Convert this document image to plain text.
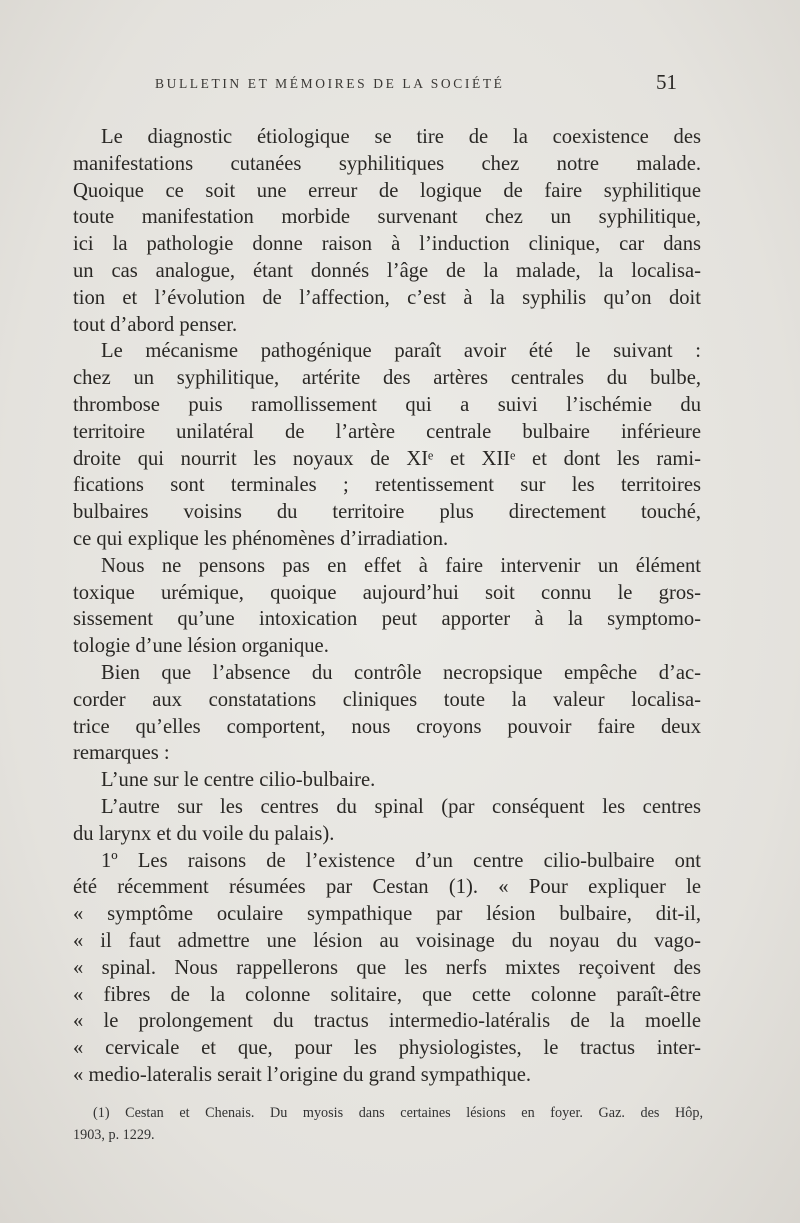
BULLETIN ET MÉMOIRES DE LA SOCIÉTÉ	51
Le diagnostic étiologique se tire de la coexistence des
manifestations cutanées syphilitiques chez notre malade.
Quoique ce soit une erreur de logique de faire syphilitique
toute manifestation morbide survenant chez un syphilitique,
ici la pathologie donne raison à l’induction clinique, car dans
un cas analogue, étant donnés l’âge de la malade, la localisa-
tion et l’évolution de l’affection, c’est à la syphilis qu’on doit
tout d’abord penser.
Le mécanisme pathogénique paraît avoir été le suivant :
chez un syphilitique, artérite des artères centrales du bulbe,
thrombose puis ramollissement qui a suivi l’ischémie du
territoire unilatéral de l’artère centrale bulbaire inférieure
droite qui nourrit les noyaux de XIᵉ et XIIᵉ et dont les rami-
fications sont terminales ; retentissement sur les territoires
bulbaires voisins du territoire plus directement touché,
ce qui explique les phénomènes d’irradiation.
Nous ne pensons pas en effet à faire intervenir un élément
toxique urémique, quoique aujourd’hui soit connu le gros-
sissement qu’une intoxication peut apporter à la symptomo-
tologie d’une lésion organique.
Bien que l’absence du contrôle necropsique empêche d’ac-
corder aux constatations cliniques toute la valeur localisa-
trice qu’elles comportent, nous croyons pouvoir faire deux
remarques :
L’une sur le centre cilio-bulbaire.
L’autre sur les centres du spinal (par conséquent les centres
du larynx et du voile du palais).
1º Les raisons de l’existence d’un centre cilio-bulbaire ont
été récemment résumées par Cestan (1). « Pour expliquer le
« symptôme oculaire sympathique par lésion bulbaire, dit-il,
« il faut admettre une lésion au voisinage du noyau du vago-
« spinal. Nous rappellerons que les nerfs mixtes reçoivent des
« fibres de la colonne solitaire, que cette colonne paraît-être
« le prolongement du tractus intermedio-latéralis de la moelle
« cervicale et que, pour les physiologistes, le tractus inter-
« medio-lateralis serait l’origine du grand sympathique.
(1) Cestan et Chenais. Du myosis dans certaines lésions en foyer. Gaz. des Hôp,
1903, p. 1229.
